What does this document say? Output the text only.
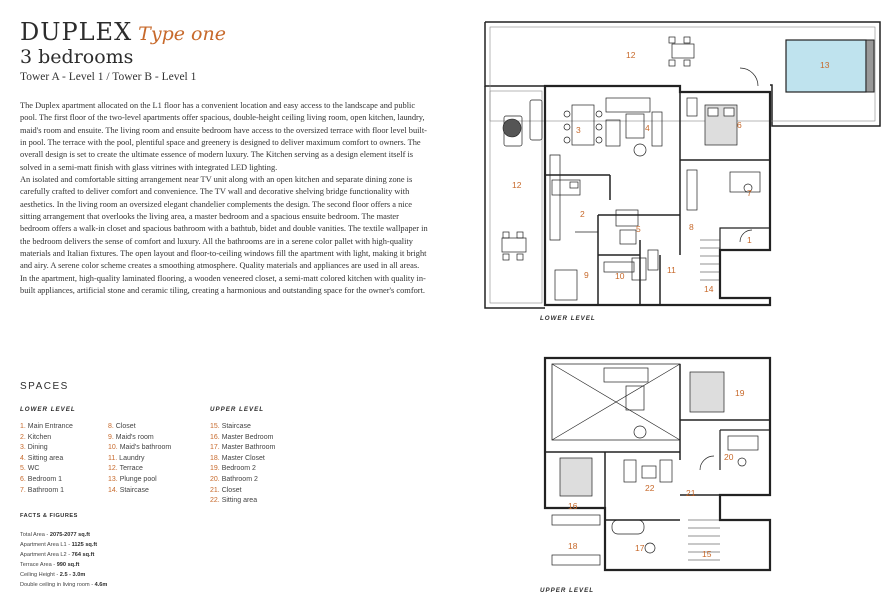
DUPLEX Type one
3 bedrooms
Tower A - Level 1 / Tower B - Level 1

The Duplex apartment allocated on the L1 floor has a convenient location and easy access to the landscape and public pool. The first floor of the two-level apartments offer spacious, double-height ceiling living room, open kitchen, laundry, maid's room and ensuite. The living room and ensuite bedroom have access to the oversized terrace with floor level built-in pool. The terrace with the pool, plentiful space and greenery is designed to deliver maximum comfort to owners. The overall design is set to create the ultimate essence of modern luxury. The Kitchen serving as a design element itself is solved in a semi-matt finish with glass vitrines with integrated LED lighting.

An isolated and comfortable sitting arrangement near TV unit along with an open kitchen and separate dining zone is carefully crafted to deliver comfort and convenience. The TV wall and decorative shelving bridge functionality with aesthetics. In the living room an oversized elegant chandelier complements the design. The second floor offers a nice sitting arrangement that overlooks the living area, a master bedroom and a spacious ensuite bedroom. The master bedroom offers a walk-in closet and spacious bathroom with a bathtub, bidet and double vanities. The textile wallpaper in the bedroom delivers the sense of comfort and luxury. All the bathrooms are in a serene color pallet with high-quality materials and Italian fixtures. The open layout and floor-to-ceiling windows fill the apartment with light, making it bright and airy. A serene color scheme creates a smoothing atmosphere. Quality materials and appliances are used in all areas. In the apartment, high-quality laminated flooring, a wooden veneered closet, a semi-matt colored kitchen with quality in-built appliances, artificial stone and ceramic tiling, creating a harmonious and outstanding space for the owner's comfort.

SPACES
LOWER LEVEL	UPPER LEVEL
1. Main Entrance
2. Kitchen
3. Dining
4. Sitting area
5. WC
6. Bedroom 1
7. Bathroom 1
8. Closet
9. Maid's room
10. Maid's bathroom
11. Laundry
12. Terrace
13. Plunge pool
14. Staircase
15. Staircase
16. Master Bedroom
17. Master Bathroom
18. Master Closet
19. Bedroom 2
20. Bathroom 2
21. Closet
22. Sitting area
FACTS & FIGURES
Total Area - 2075-2077 sq.ft
Apartment Area L1 - 1125 sq.ft
Apartment Area L2 - 764 sq.ft
Terrace Area - 990 sq.ft
Ceiling Height - 2.5 - 3.0m
Double ceiling in living room - 4.6m
12
13
3	4	6
12
2
5
7
8
1
9	10
11
14
19
20
16
22	21
18	17
15
LOWER LEVEL
UPPER LEVEL
